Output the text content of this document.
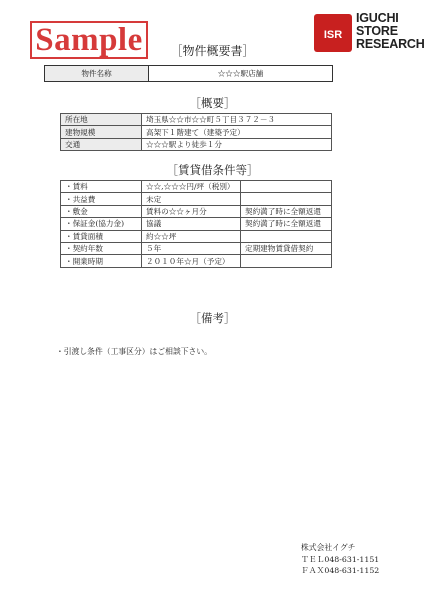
Sample	ISR
IGUCHI
STORE
RESEARCH
［物件概要書］
物件名称	☆☆☆駅店舗
［概要］
所在地	埼玉県☆☆市☆☆町５丁目３７２－３
建物規模	高架下１階建て（建築予定）
交通	☆☆☆駅より徒歩１分
［賃貸借条件等］
・賃料	☆☆,☆☆☆円/坪（税別）	
・共益費	未定	
・敷金	賃料の☆☆ヶ月分	契約満了時に全額返還
・保証金(協力金)	協議	契約満了時に全額返還
・賃貸面積	約☆☆坪	
・契約年数	５年	定期建物賃貸借契約
・開業時期	２０１０年☆月（予定）	
［備考］
・引渡し条件（工事区分）はご相談下さい。
株式会社イグチ
ＴＥＬ048-631-1151
ＦＡＸ048-631-1152
